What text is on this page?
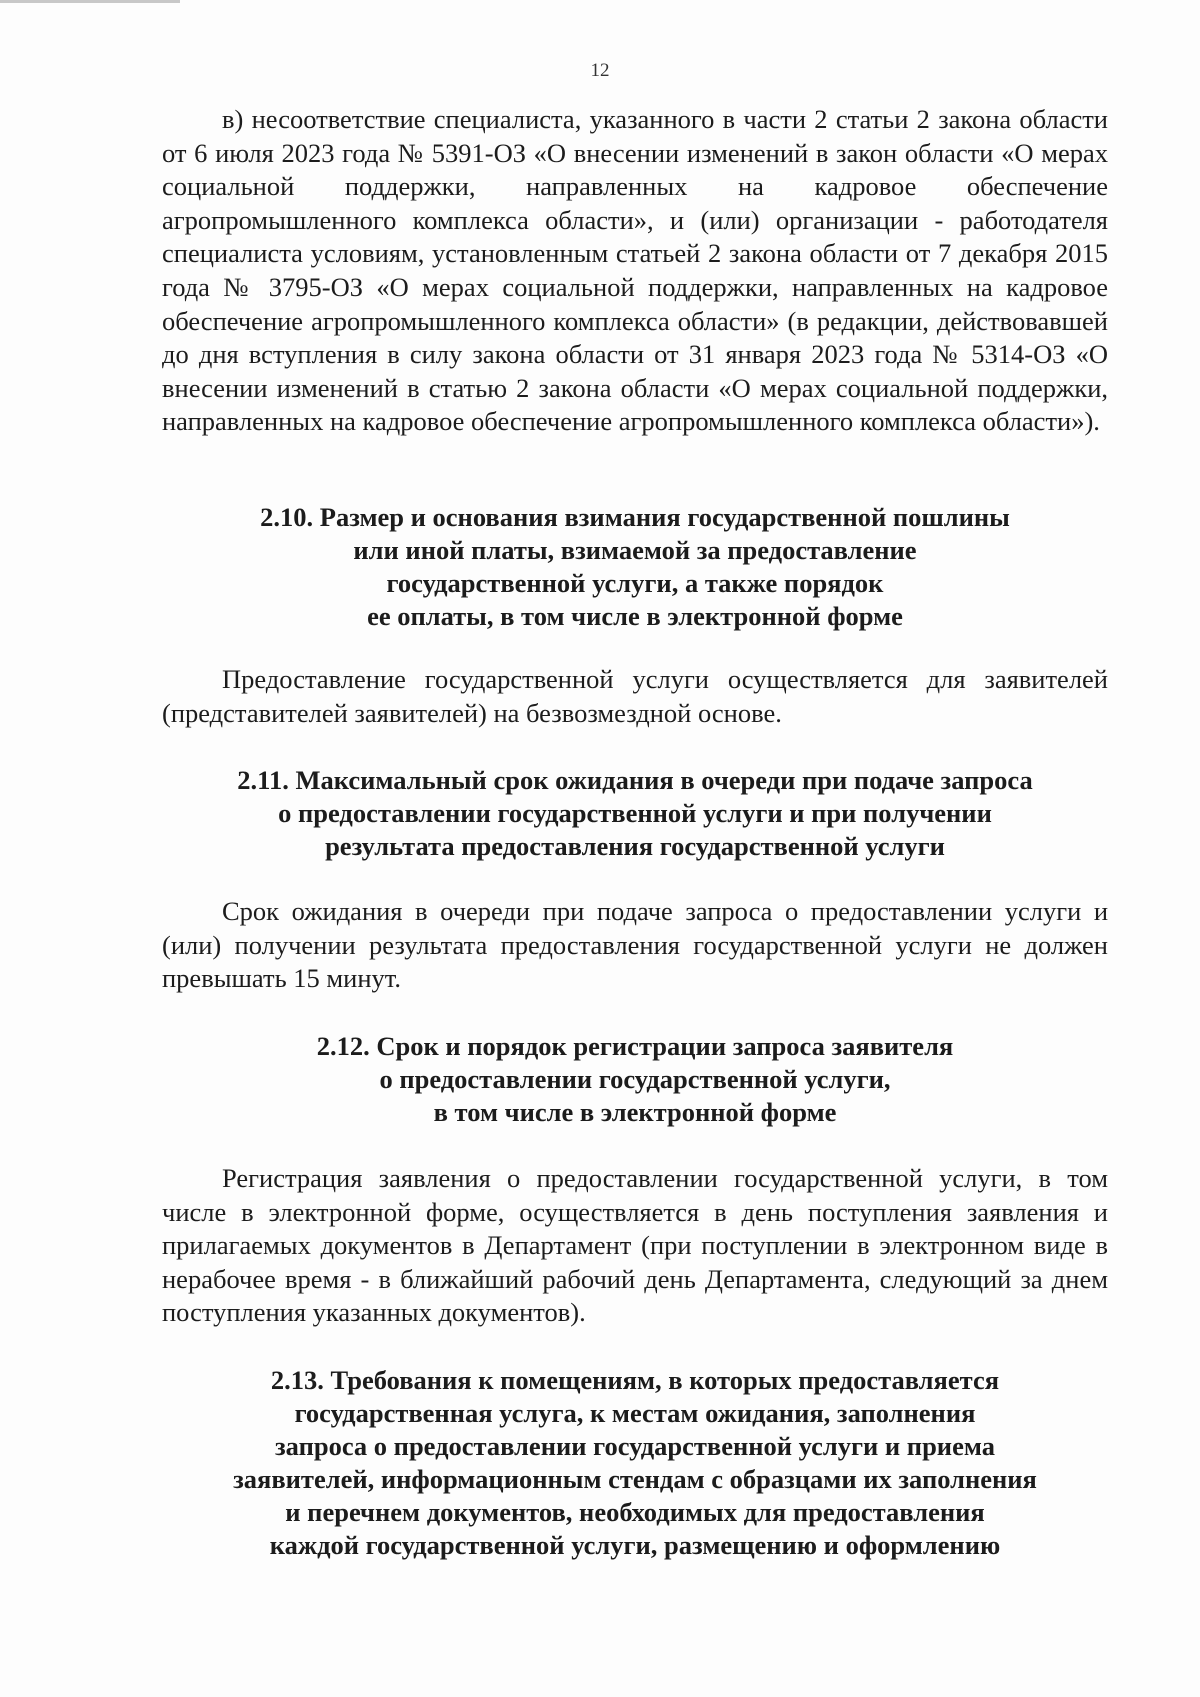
12

в) несоответствие специалиста, указанного в части 2 статьи 2 закона области от 6 июля 2023 года № 5391-ОЗ «О внесении изменений в закон области «О мерах социальной поддержки, направленных на кадровое обеспечение агропромышленного комплекса области», и (или) организации - работодателя специалиста условиям, установленным статьей 2 закона области от 7 декабря 2015 года № 3795-ОЗ «О мерах социальной поддержки, направленных на кадровое обеспечение агропромышленного комплекса области» (в редакции, действовавшей до дня вступления в силу закона области от 31 января 2023 года № 5314-ОЗ «О внесении изменений в статью 2 закона области «О мерах социальной поддержки, направленных на кадровое обеспечение агропромышленного комплекса области»).

2.10. Размер и основания взимания государственной пошлины
или иной платы, взимаемой за предоставление
государственной услуги, а также порядок
ее оплаты, в том числе в электронной форме

Предоставление государственной услуги осуществляется для заявителей (представителей заявителей) на безвозмездной основе.

2.11. Максимальный срок ожидания в очереди при подаче запроса
о предоставлении государственной услуги и при получении
результата предоставления государственной услуги

Срок ожидания в очереди при подаче запроса о предоставлении услуги и (или) получении результата предоставления государственной услуги не должен превышать 15 минут.

2.12. Срок и порядок регистрации запроса заявителя
о предоставлении государственной услуги,
в том числе в электронной форме

Регистрация заявления о предоставлении государственной услуги, в том числе в электронной форме, осуществляется в день поступления заявления и прилагаемых документов в Департамент (при поступлении в электронном виде в нерабочее время - в ближайший рабочий день Департамента, следующий за днем поступления указанных документов).

2.13. Требования к помещениям, в которых предоставляется
государственная услуга, к местам ожидания, заполнения
запроса о предоставлении государственной услуги и приема
заявителей, информационным стендам с образцами их заполнения
и перечнем документов, необходимых для предоставления
каждой государственной услуги, размещению и оформлению
